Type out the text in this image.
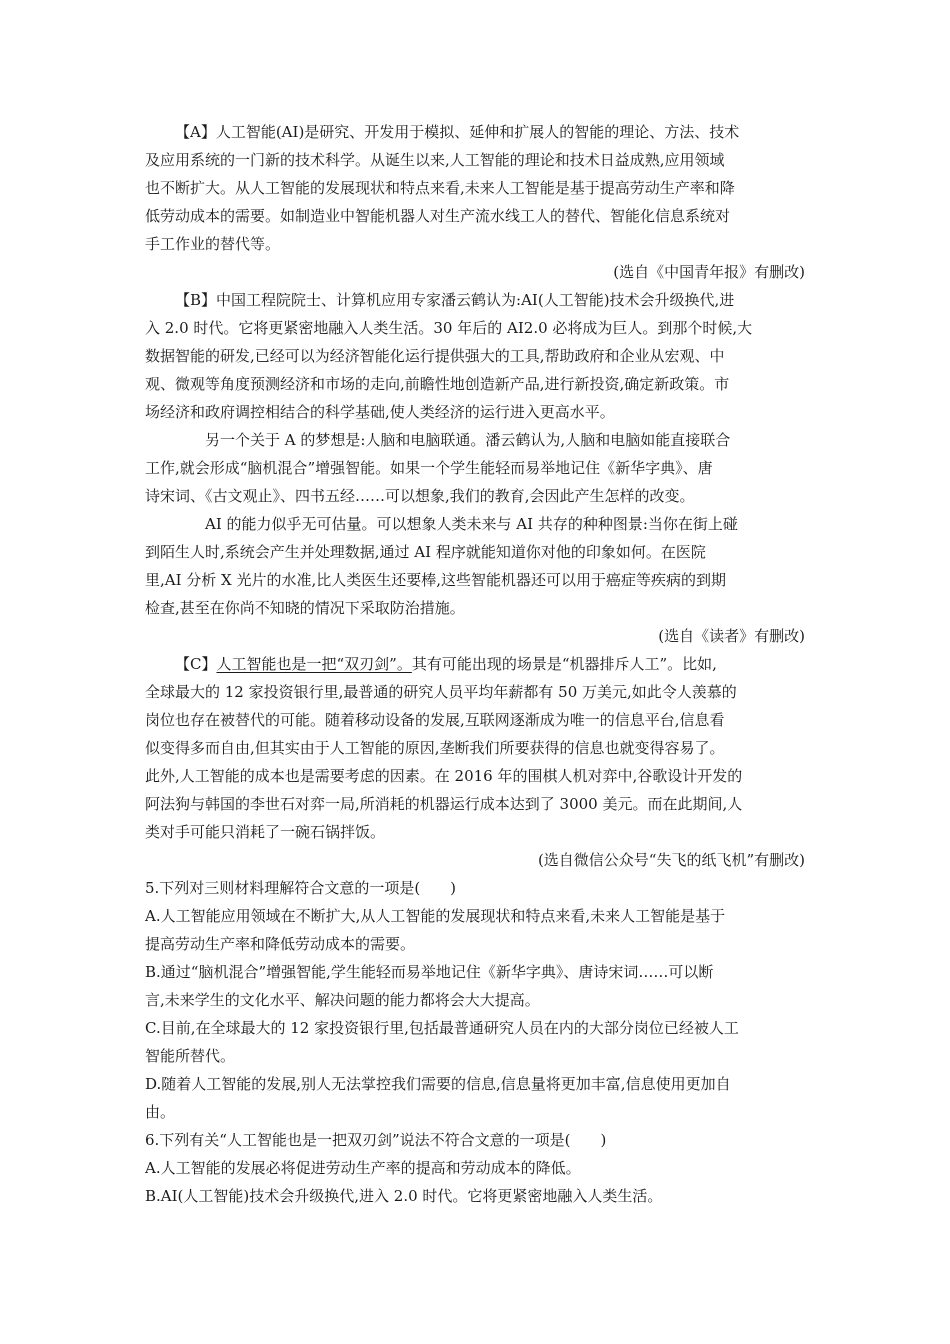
【A】人工智能(AI)是研究、开发用于模拟、延伸和扩展人的智能的理论、方法、技术
及应用系统的一门新的技术科学。从诞生以来,人工智能的理论和技术日益成熟,应用领域
也不断扩大。从人工智能的发展现状和特点来看,未来人工智能是基于提高劳动生产率和降
低劳动成本的需要。如制造业中智能机器人对生产流水线工人的替代、智能化信息系统对
手工作业的替代等。
(选自《中国青年报》有删改)
【B】中国工程院院士、计算机应用专家潘云鹤认为:AI(人工智能)技术会升级换代,进
入 2.0 时代。它将更紧密地融入人类生活。30 年后的 AI2.0 必将成为巨人。到那个时候,大
数据智能的研发,已经可以为经济智能化运行提供强大的工具,帮助政府和企业从宏观、中
观、微观等角度预测经济和市场的走向,前瞻性地创造新产品,进行新投资,确定新政策。市
场经济和政府调控相结合的科学基础,使人类经济的运行进入更高水平。
另一个关于 A 的梦想是:人脑和电脑联通。潘云鹤认为,人脑和电脑如能直接联合
工作,就会形成“脑机混合”增强智能。如果一个学生能轻而易举地记住《新华字典》、唐
诗宋词、《古文观止》、四书五经……可以想象,我们的教育,会因此产生怎样的改变。
AI 的能力似乎无可估量。可以想象人类未来与 AI 共存的种种图景:当你在街上碰
到陌生人时,系统会产生并处理数据,通过 AI 程序就能知道你对他的印象如何。在医院
里,AI 分析 X 光片的水准,比人类医生还要棒,这些智能机器还可以用于癌症等疾病的到期
检查,甚至在你尚不知晓的情况下采取防治措施。
(选自《读者》有删改)
【C】人工智能也是一把“双刃剑”。其有可能出现的场景是“机器排斥人工”。比如,
全球最大的 12 家投资银行里,最普通的研究人员平均年薪都有 50 万美元,如此令人羡慕的
岗位也存在被替代的可能。随着移动设备的发展,互联网逐渐成为唯一的信息平台,信息看
似变得多而自由,但其实由于人工智能的原因,垄断我们所要获得的信息也就变得容易了。
此外,人工智能的成本也是需要考虑的因素。在 2016 年的围棋人机对弈中,谷歌设计开发的
阿法狗与韩国的李世石对弈一局,所消耗的机器运行成本达到了 3000 美元。而在此期间,人
类对手可能只消耗了一碗石锅拌饭。
(选自微信公众号“失飞的纸飞机”有删改)
5.下列对三则材料理解符合文意的一项是(　　)
A.人工智能应用领域在不断扩大,从人工智能的发展现状和特点来看,未来人工智能是基于
提高劳动生产率和降低劳动成本的需要。
B.通过“脑机混合”增强智能,学生能轻而易举地记住《新华字典》、唐诗宋词……可以断
言,未来学生的文化水平、解决问题的能力都将会大大提高。
C.目前,在全球最大的 12 家投资银行里,包括最普通研究人员在内的大部分岗位已经被人工
智能所替代。
D.随着人工智能的发展,别人无法掌控我们需要的信息,信息量将更加丰富,信息使用更加自
由。
6.下列有关“人工智能也是一把双刃剑”说法不符合文意的一项是(　　)
A.人工智能的发展必将促进劳动生产率的提高和劳动成本的降低。
B.AI(人工智能)技术会升级换代,进入 2.0 时代。它将更紧密地融入人类生活。
